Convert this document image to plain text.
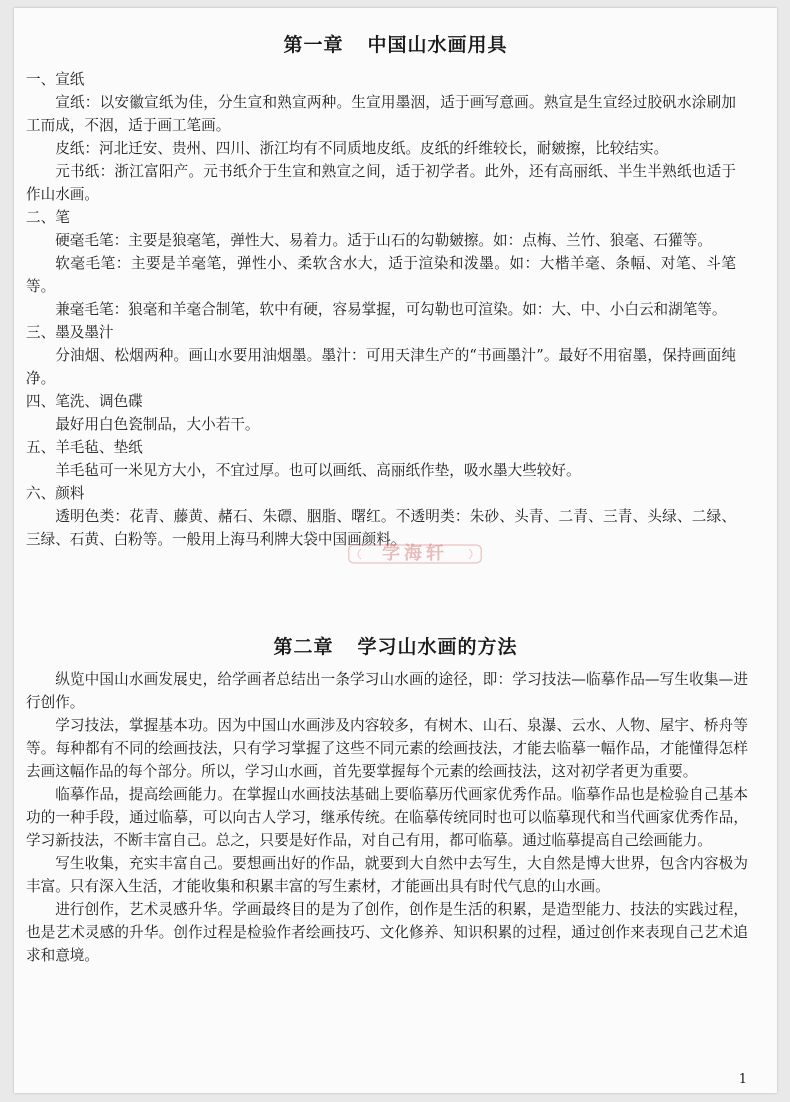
第一章 中国山水画用具
一、宣纸

宣纸：以安徽宣纸为佳，分生宣和熟宣两种。生宣用墨洇，适于画写意画。熟宣是生宣经过胶矾水涂刷加工而成，不洇，适于画工笔画。

皮纸：河北迁安、贵州、四川、浙江均有不同质地皮纸。皮纸的纤维较长，耐皴擦，比较结实。

元书纸：浙江富阳产。元书纸介于生宣和熟宣之间，适于初学者。此外，还有高丽纸、半生半熟纸也适于作山水画。

二、笔

硬毫毛笔：主要是狼毫笔，弹性大、易着力。适于山石的勾勒皴擦。如：点梅、兰竹、狼毫、石獾等。

软毫毛笔：主要是羊毫笔，弹性小、柔软含水大，适于渲染和泼墨。如：大楷羊毫、条幅、对笔、斗笔等。

兼毫毛笔：狼毫和羊毫合制笔，软中有硬，容易掌握，可勾勒也可渲染。如：大、中、小白云和湖笔等。

三、墨及墨汁

分油烟、松烟两种。画山水要用油烟墨。墨汁：可用天津生产的“书画墨汁”。最好不用宿墨，保持画面纯净。

四、笔洗、调色碟

最好用白色瓷制品，大小若干。

五、羊毛毡、垫纸

羊毛毡可一米见方大小，不宜过厚。也可以画纸、高丽纸作垫，吸水墨大些较好。

六、颜料

透明色类：花青、藤黄、赭石、朱磦、胭脂、曙红。不透明类：朱砂、头青、二青、三青、头绿、二绿、三绿、石黄、白粉等。一般用上海马利牌大袋中国画颜料。

学海轩
第二章 学习山水画的方法

纵览中国山水画发展史，给学画者总结出一条学习山水画的途径，即：学习技法—临摹作品—写生收集—进行创作。

学习技法，掌握基本功。因为中国山水画涉及内容较多，有树木、山石、泉瀑、云水、人物、屋宇、桥舟等等。每种都有不同的绘画技法，只有学习掌握了这些不同元素的绘画技法，才能去临摹一幅作品，才能懂得怎样去画这幅作品的每个部分。所以，学习山水画，首先要掌握每个元素的绘画技法，这对初学者更为重要。

临摹作品，提高绘画能力。在掌握山水画技法基础上要临摹历代画家优秀作品。临摹作品也是检验自己基本功的一种手段，通过临摹，可以向古人学习，继承传统。在临摹传统同时也可以临摹现代和当代画家优秀作品，学习新技法，不断丰富自己。总之，只要是好作品，对自己有用，都可临摹。通过临摹提高自己绘画能力。

写生收集，充实丰富自己。要想画出好的作品，就要到大自然中去写生，大自然是博大世界，包含内容极为丰富。只有深入生活，才能收集和积累丰富的写生素材，才能画出具有时代气息的山水画。

进行创作，艺术灵感升华。学画最终目的是为了创作，创作是生活的积累，是造型能力、技法的实践过程，也是艺术灵感的升华。创作过程是检验作者绘画技巧、文化修养、知识积累的过程，通过创作来表现自己艺术追求和意境。

1
